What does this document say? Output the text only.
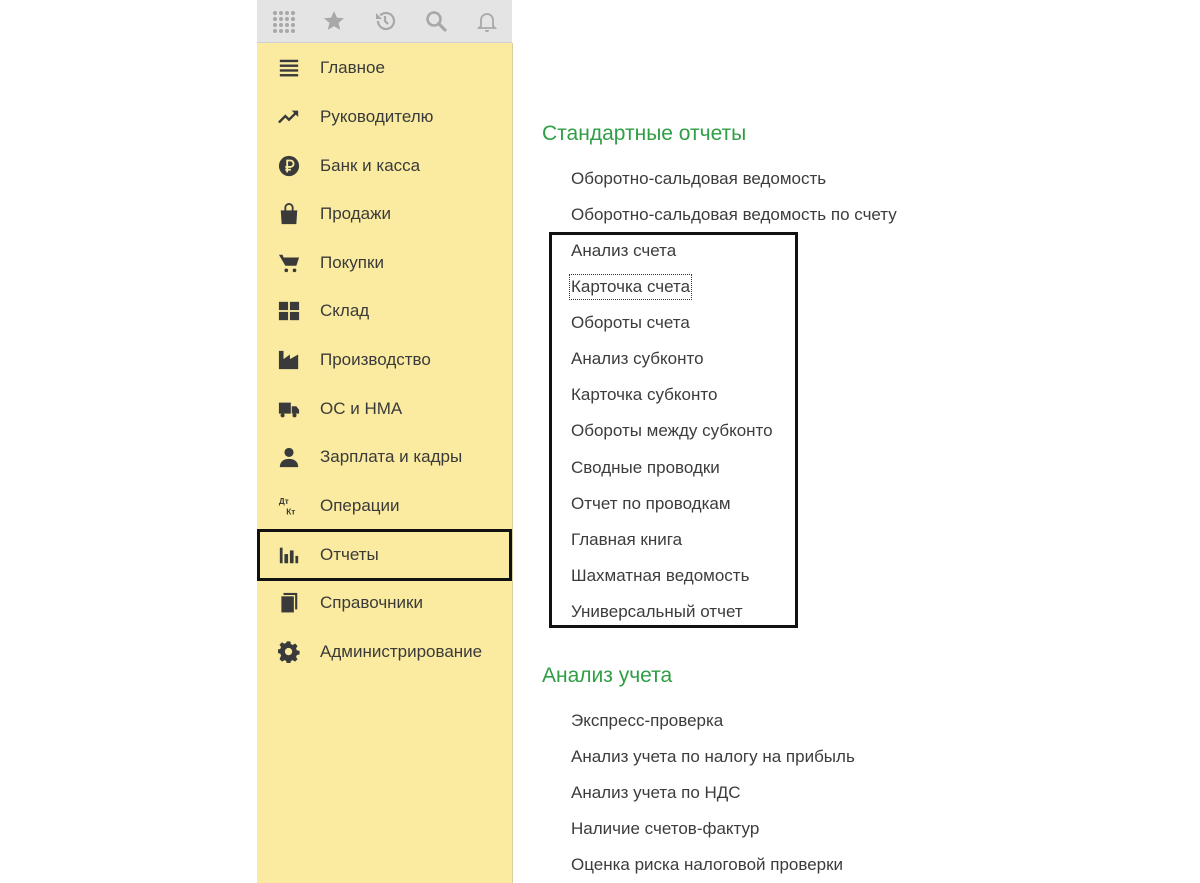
Главное
Руководителю
Банк и касса
Продажи
Покупки
Склад
Производство
ОС и НМА
Зарплата и кадры
Дт
Кт Операции
Отчеты
Справочники
Администрирование
Стандартные отчеты
Оборотно-сальдовая ведомость
Оборотно-сальдовая ведомость по счету
Анализ счета
Карточка счета
Обороты счета
Анализ субконто
Карточка субконто
Обороты между субконто
Сводные проводки
Отчет по проводкам
Главная книга
Шахматная ведомость
Универсальный отчет
Анализ учета
Экспресс-проверка
Анализ учета по налогу на прибыль
Анализ учета по НДС
Наличие счетов-фактур
Оценка риска налоговой проверки
